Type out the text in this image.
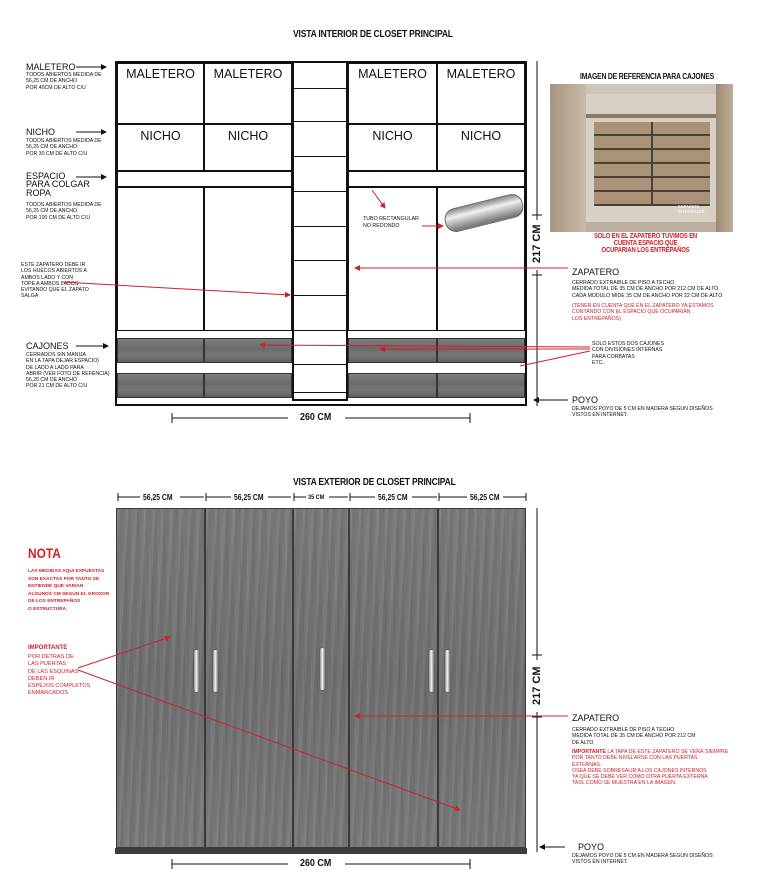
VISTA INTERIOR DE CLOSET PRINCIPAL
MALETERO	MALETERO	MALETERO	MALETERO
NICHO	NICHO	NICHO	NICHO
TUBO RECTANGULAR
NO REDONDO
IMAGEN DE REFERENCIA PARA CAJONES
ESPACIOS
INTEGRALES
SOLO EN EL ZAPATERO TUVIMOS EN
CUENTA ESPACIO QUE
OCUPARIAN LOS ENTREPAÑOS
MALETERO
TODOS ABIERTOS MEDIDA DE
56,25 CM DE ANCHO
POR 40CM DE ALTO C/U
NICHO
TODOS ABIERTOS MEDIDA DE
56,25 CM DE ANCHO
POR 30 CM DE ALTO C/U
ESPACIO
PARA COLGAR
ROPA
TODOS ABIERTOS MEDIDA DE
56,25 CM DE ANCHO
POR 100 CM DE ALTO C/U
ESTE ZAPATERO DEBE IR
LOS HUECOS ABIERTOS A
AMBOS LADO Y CON
TOPE A AMBOS LADOS
EVITANDO QUE EL ZAPATO
SALGA
CAJONES
CERRADOS SIN MANIJA
EN LA TAPA DEJAR ESPACIO)
DE LADO A LADO PARA
ABRIR (VER FOTO DE REFENCIA)
56,25 CM DE ANCHO
POR 21 CM DE ALTO C/U
217 CM
ZAPATERO
CERRADO EXTRAIBLE DE PISO A TECHO
MEDIDA TOTAL DE 35 CM DE ANCHO POR 212 CM DE ALTO
CADA MODULO MIDE 35 CM DE ANCHO POR 22 CM DE ALTO
(TENER EN CUENTA QUE EN EL ZAPATERO YA ESTAMOS
CONTANDO CON EL ESPACIO QUE OCUPARIAN
LOS ENTREPAÑOS)
SOLO ESTOS DOS CAJONES
CON DIVISIONES INTERNAS
PARA CORBATAS
ETC..
POYO
DEJAMOS POYO DE 5 CM EN MADERA SEGUN DISEÑOS
VISTOS EN INTERNET.
260 CM
VISTA EXTERIOR DE CLOSET PRINCIPAL
56,25 CM	56,25 CM	35 CM	56,25 CM	56,25 CM
NOTA
LAS MEDIDAS AQUI EXPUESTAS
SON EXACTAS POR TANTO SE
ENTIENDE QUE VARIAN
ALGUNOS CM SEGUN EL GROSOR
DE LOS ENTREPAÑOS
O ESTRUCTURA.
IMPORTANTE
POR DETRAS DE
LAS PUERTAS
DE LAS ESQUINAS
DEBEN IR
ESPEJOS COMPLETOS
ENMARCADOS	217 CM
ZAPATERO
CERRADO EXTRAIBLE DE PISO A TECHO
MEDIDA TOTAL DE 35 CM DE ANCHO POR 212 CM
DE ALTO
IMPORTANTE LA TAPA DE ESTE ZAPATERO SE VERÁ SIEMPRE
POR TANTO DEBE NIVELARSE CON LAS PUERTAS
EXTERNAS.
OSEA DEBE SOBRESALIR A LOS CAJONES INTERNOS
YA QUE SE DEBE VER COMO OTRA PUERTA EXTERNA
TASL COMO SE MUESTRA EN LA IMAGEN.
POYO
DEJAMOS POYO DE 5 CM EN MADERA SEGUN DISEÑOS
VISTOS EN INTERNET.
260 CM
